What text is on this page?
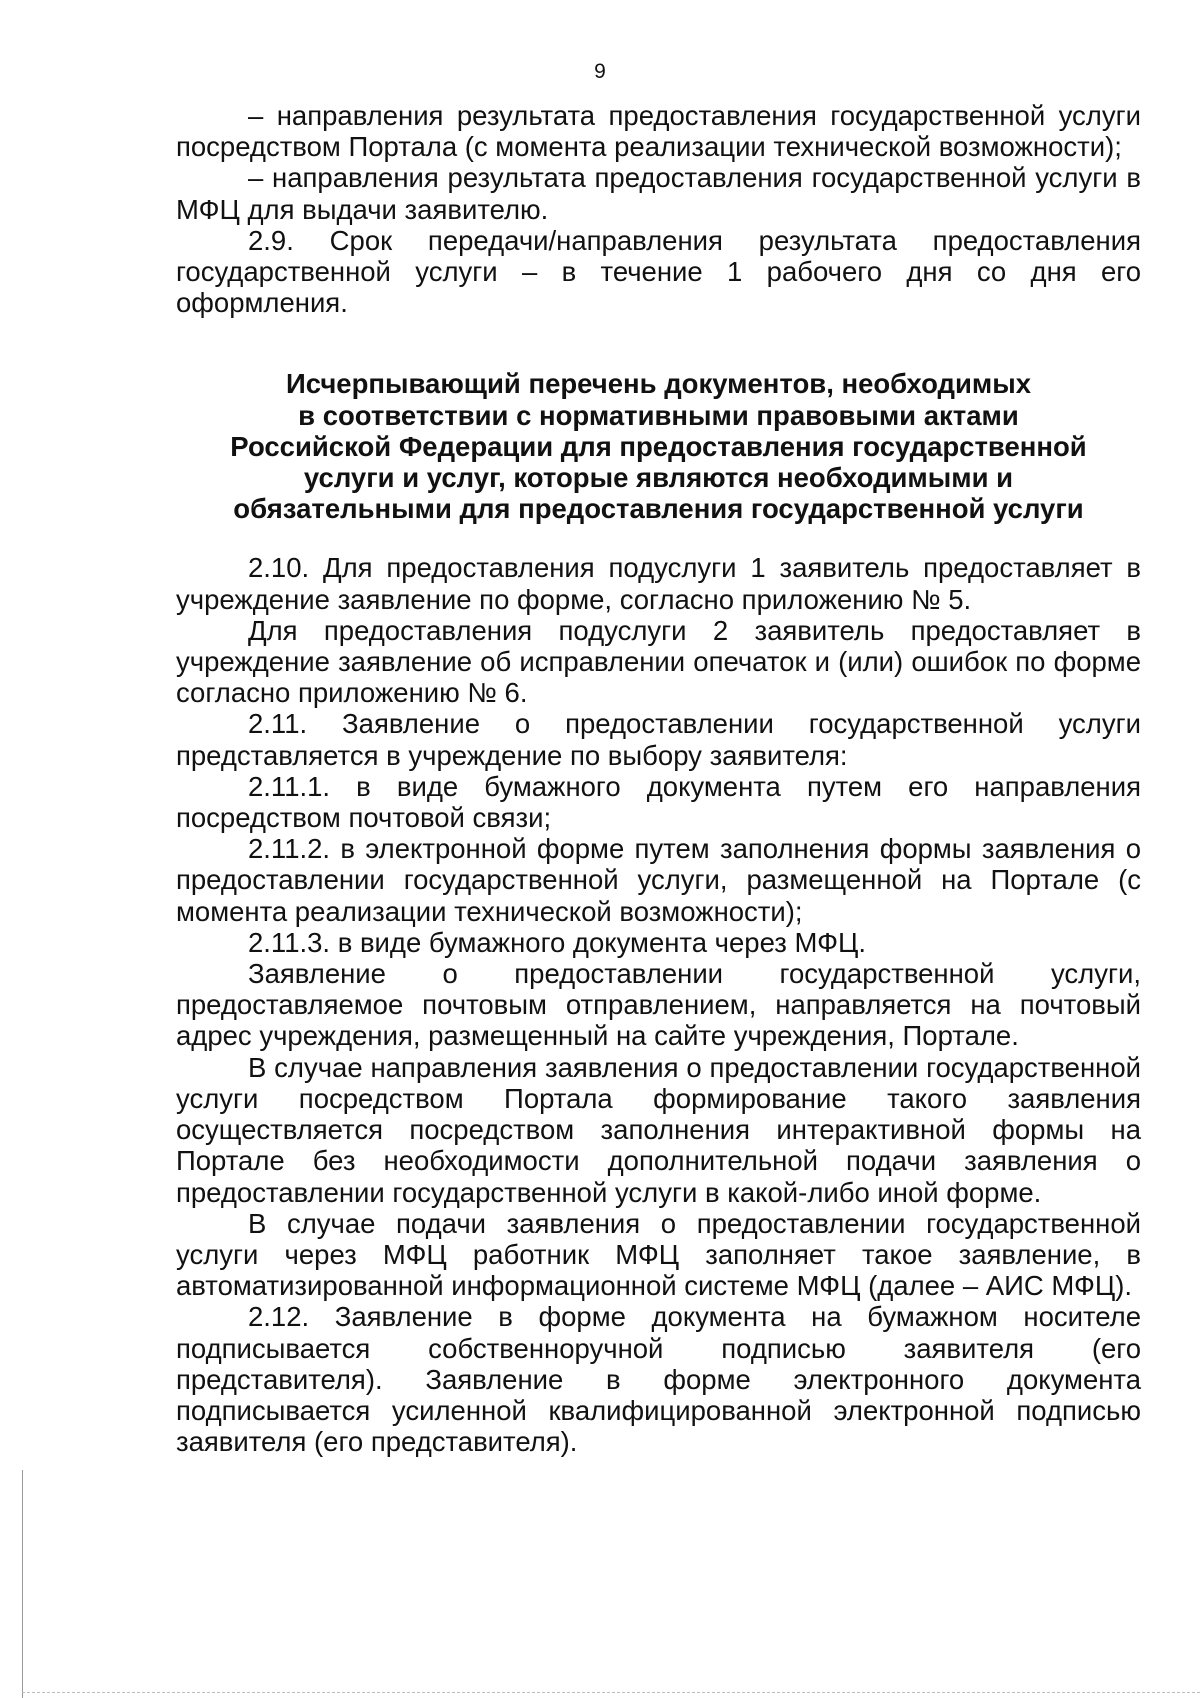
9

– направления результата предоставления государственной услуги посредством Портала (с момента реализации технической возможности);

– направления результата предоставления государственной услуги в МФЦ для выдачи заявителю.

2.9. Срок передачи/направления результата предоставления государственной услуги – в течение 1 рабочего дня со дня его оформления.

Исчерпывающий перечень документов, необходимых
в соответствии с нормативными правовыми актами
Российской Федерации для предоставления государственной
услуги и услуг, которые являются необходимыми и
обязательными для предоставления государственной услуги

2.10. Для предоставления подуслуги 1 заявитель предоставляет в учреждение заявление по форме, согласно приложению № 5.

Для предоставления подуслуги 2 заявитель предоставляет в учреждение заявление об исправлении опечаток и (или) ошибок по форме согласно приложению № 6.

2.11. Заявление о предоставлении государственной услуги представляется в учреждение по выбору заявителя:

2.11.1. в виде бумажного документа путем его направления посредством почтовой связи;

2.11.2. в электронной форме путем заполнения формы заявления о предоставлении государственной услуги, размещенной на Портале (с момента реализации технической возможности);

2.11.3. в виде бумажного документа через МФЦ.

Заявление о предоставлении государственной услуги, предоставляемое почтовым отправлением, направляется на почтовый адрес учреждения, размещенный на сайте учреждения, Портале.

В случае направления заявления о предоставлении государственной услуги посредством Портала формирование такого заявления осуществляется посредством заполнения интерактивной формы на Портале без необходимости дополнительной подачи заявления о предоставлении государственной услуги в какой-либо иной форме.

В случае подачи заявления о предоставлении государственной услуги через МФЦ работник МФЦ заполняет такое заявление, в автоматизированной информационной системе МФЦ (далее – АИС МФЦ).

2.12. Заявление в форме документа на бумажном носителе подписывается собственноручной подписью заявителя (его представителя). Заявление в форме электронного документа подписывается усиленной квалифицированной электронной подписью заявителя (его представителя).
